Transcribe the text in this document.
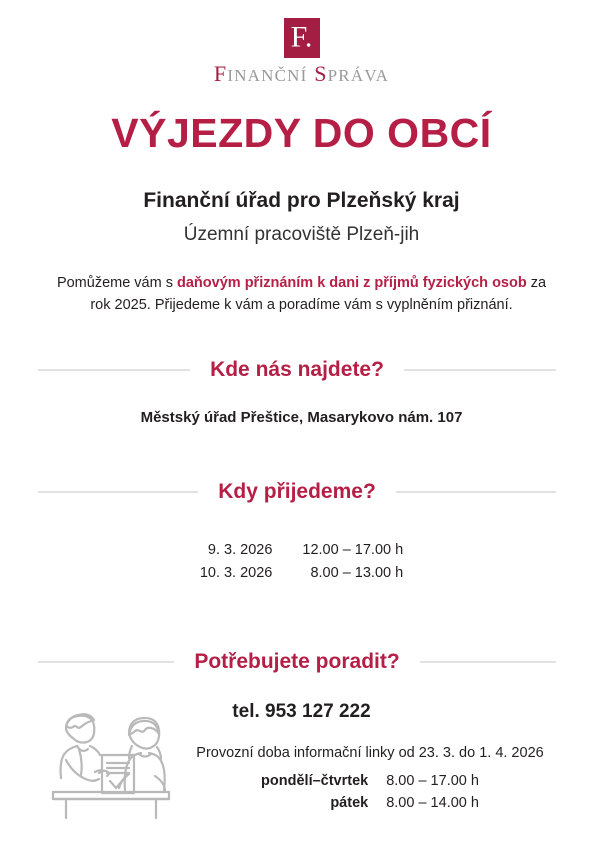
F.
FINANČNÍ SPRÁVA
VÝJEZDY DO OBCÍ
Finanční úřad pro Plzeňský kraj
Územní pracoviště Plzeň-jih
Pomůžeme vám s daňovým přiznáním k dani z příjmů fyzických osob za rok 2025. Přijedeme k vám a poradíme vám s vyplněním přiznání.
Kde nás najdete?
Městský úřad Přeštice, Masarykovo nám. 107
Kdy přijedeme?
9. 3. 2026	12.00 – 17.00 h
10. 3. 2026	8.00 – 13.00 h
Potřebujete poradit?
tel. 953 127 222
Provozní doba informační linky od 23. 3. do 1. 4. 2026
pondělí–čtvrtek	8.00 – 17.00 h
pátek	8.00 – 14.00 h
